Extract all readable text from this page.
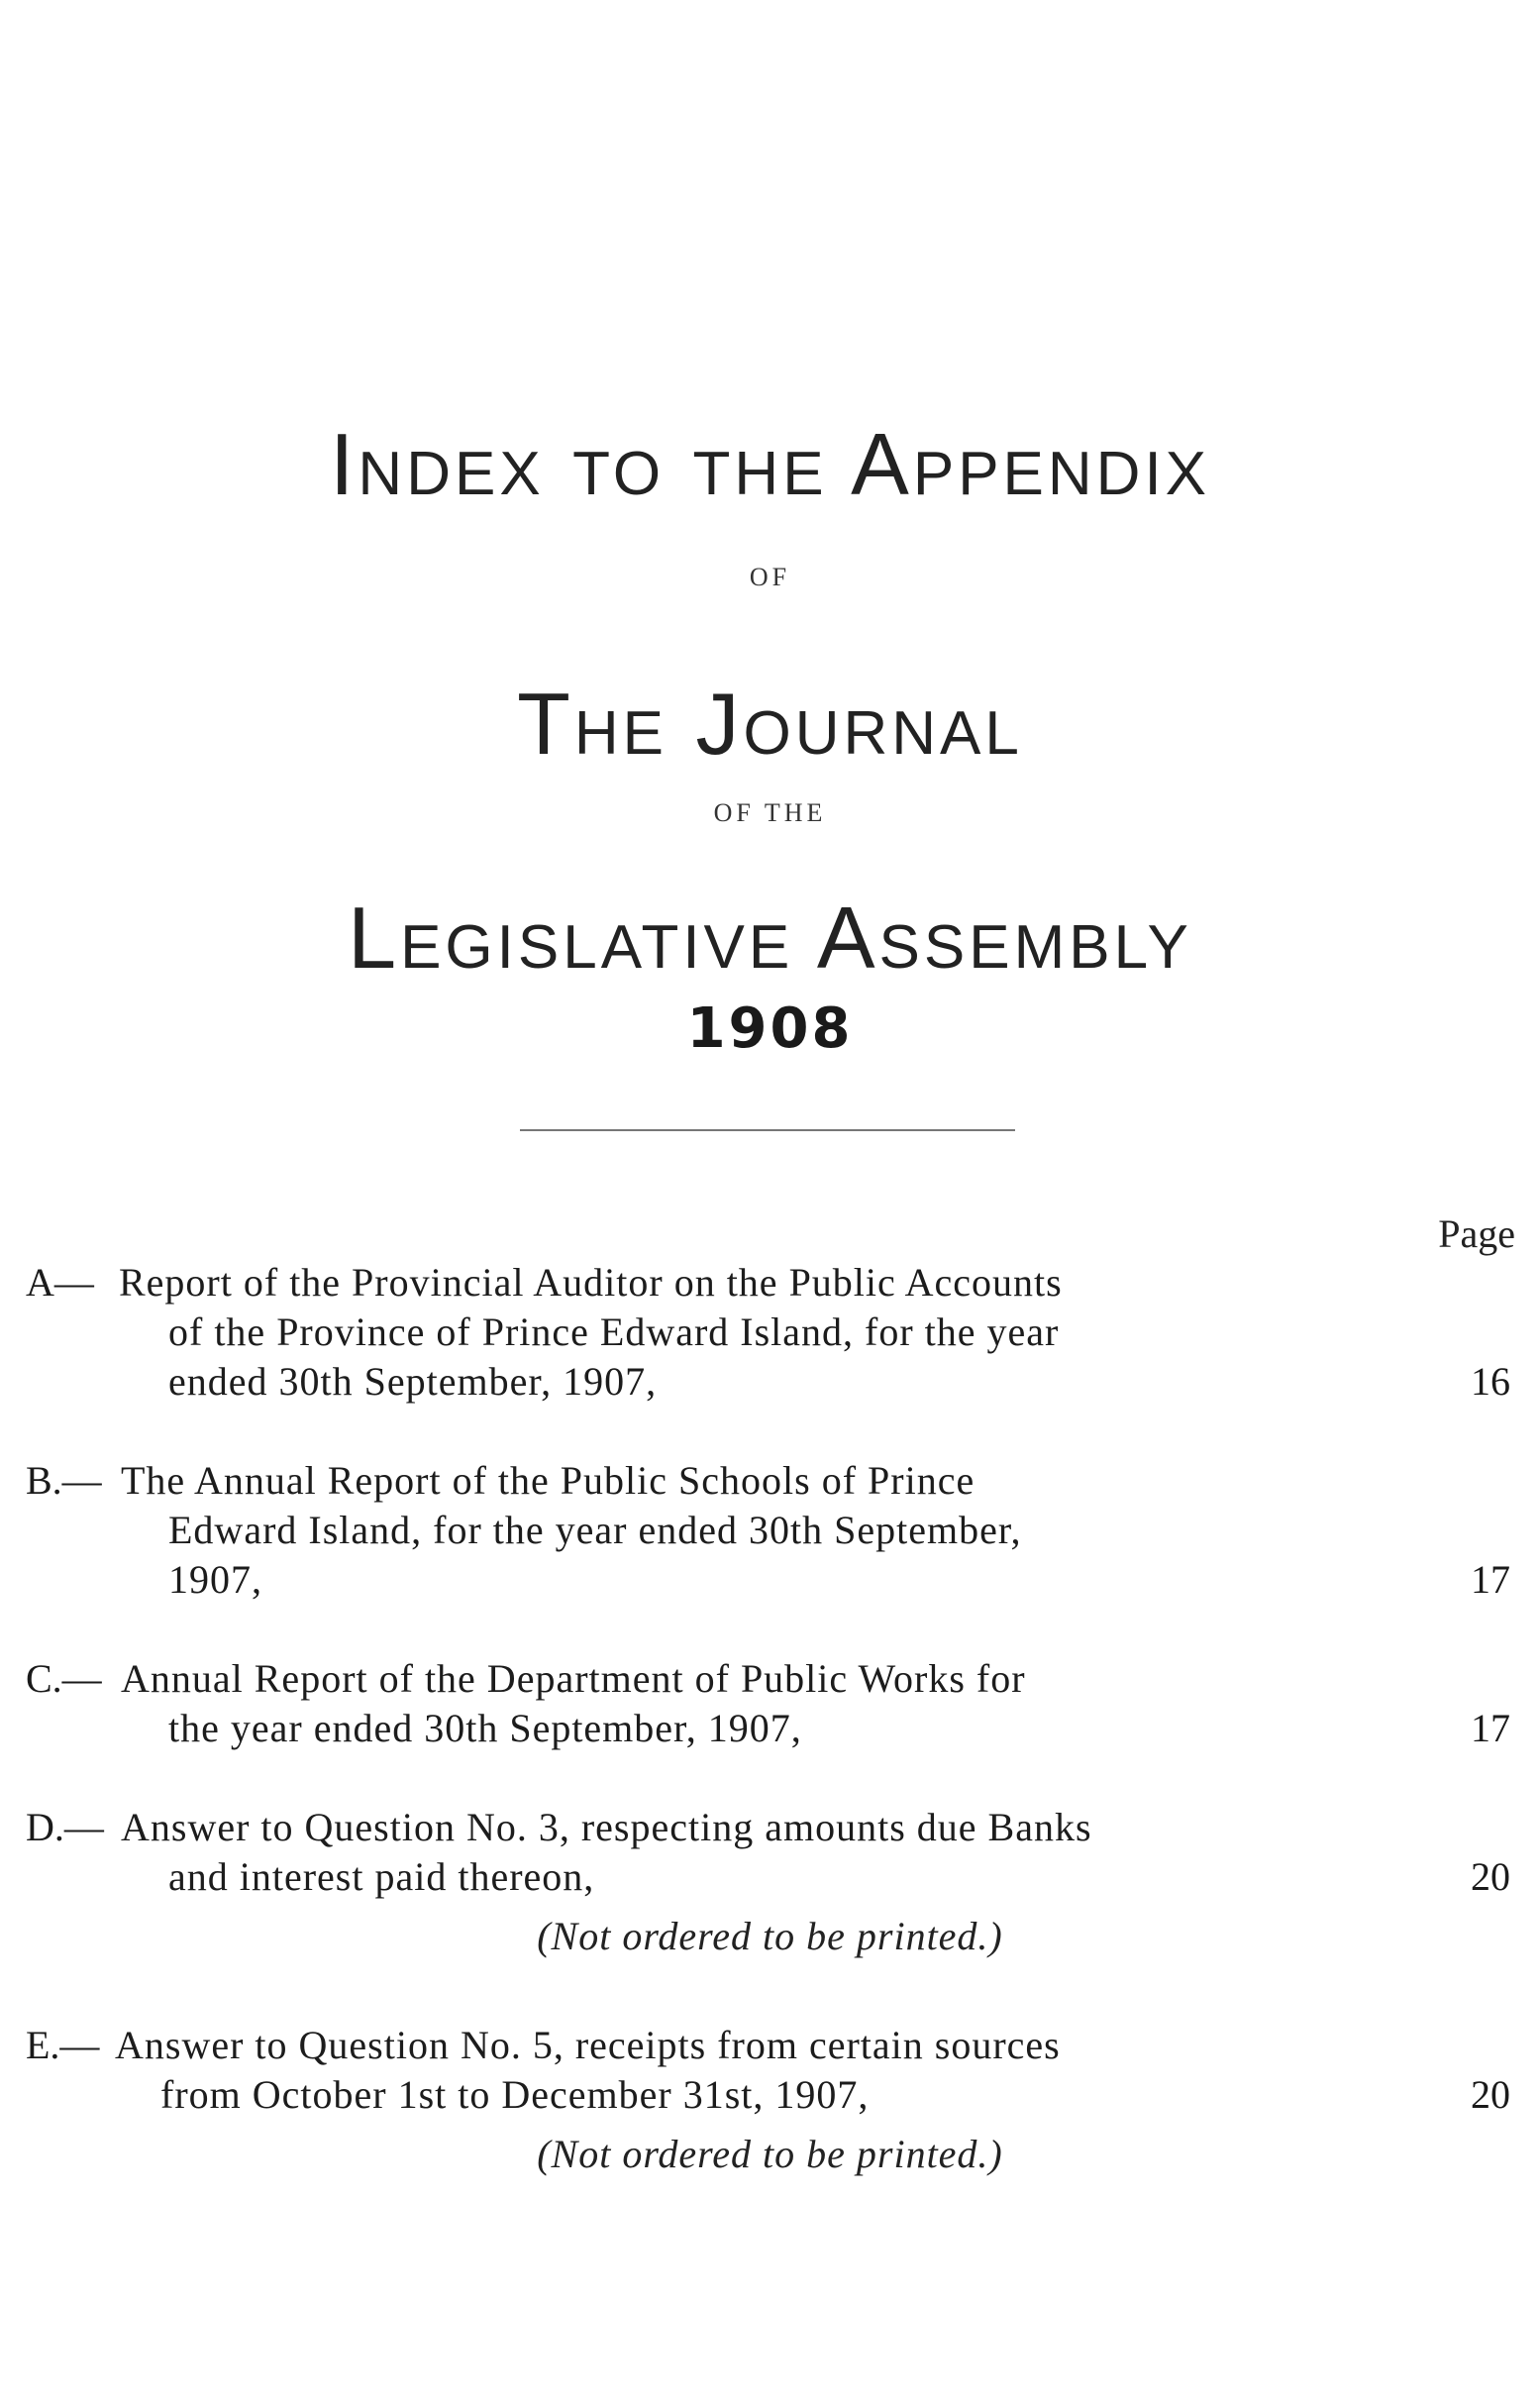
Index to the Appendix
OF
The Journal
OF THE
Legislative Assembly
1908
Page
A— Report of the Provincial Auditor on the Public Accounts
of the Province of Prince Edward Island, for the year
ended 30th September, 1907,	16
B.— The Annual Report of the Public Schools of Prince
Edward Island, for the year ended 30th September,
1907,	17
C.— Annual Report of the Department of Public Works for
the year ended 30th September, 1907,	17
D.— Answer to Question No. 3, respecting amounts due Banks
and interest paid thereon,	20
(Not ordered to be printed.)
E.— Answer to Question No. 5, receipts from certain sources
from October 1st to December 31st, 1907,	20
(Not ordered to be printed.)
